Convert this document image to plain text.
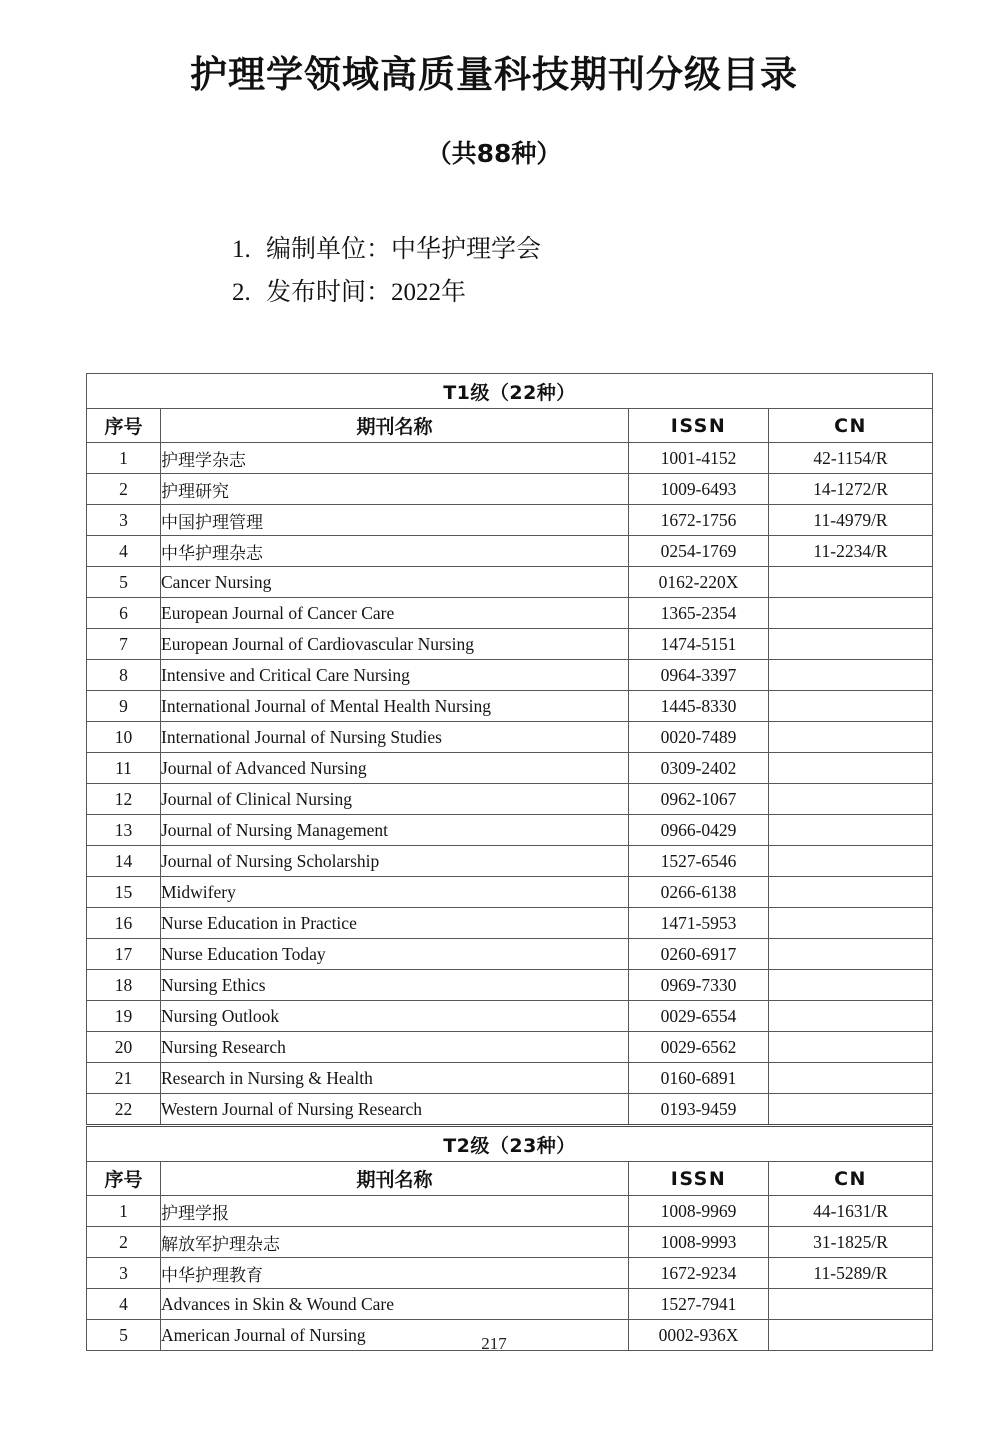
护理学领域高质量科技期刊分级目录
（共88种）
1. 编制单位：中华护理学会
2. 发布时间：2022年
T1级（22种）			
序号	期刊名称	ISSN	CN
1	护理学杂志	1001-4152	42-1154/R
2	护理研究	1009-6493	14-1272/R
3	中国护理管理	1672-1756	11-4979/R
4	中华护理杂志	0254-1769	11-2234/R
5	Cancer Nursing	0162-220X	
6	European Journal of Cancer Care	1365-2354	
7	European Journal of Cardiovascular Nursing	1474-5151	
8	Intensive and Critical Care Nursing	0964-3397	
9	International Journal of Mental Health Nursing	1445-8330	
10	International Journal of Nursing Studies	0020-7489	
11	Journal of Advanced Nursing	0309-2402	
12	Journal of Clinical Nursing	0962-1067	
13	Journal of Nursing Management	0966-0429	
14	Journal of Nursing Scholarship	1527-6546	
15	Midwifery	0266-6138	
16	Nurse Education in Practice	1471-5953	
17	Nurse Education Today	0260-6917	
18	Nursing Ethics	0969-7330	
19	Nursing Outlook	0029-6554	
20	Nursing Research	0029-6562	
21	Research in Nursing & Health	0160-6891	
22	Western Journal of Nursing Research	0193-9459	
T2级（23种）			
序号	期刊名称	ISSN	CN
1	护理学报	1008-9969	44-1631/R
2	解放军护理杂志	1008-9993	31-1825/R
3	中华护理教育	1672-9234	11-5289/R
4	Advances in Skin & Wound Care	1527-7941	
5	American Journal of Nursing	0002-936X	
217
